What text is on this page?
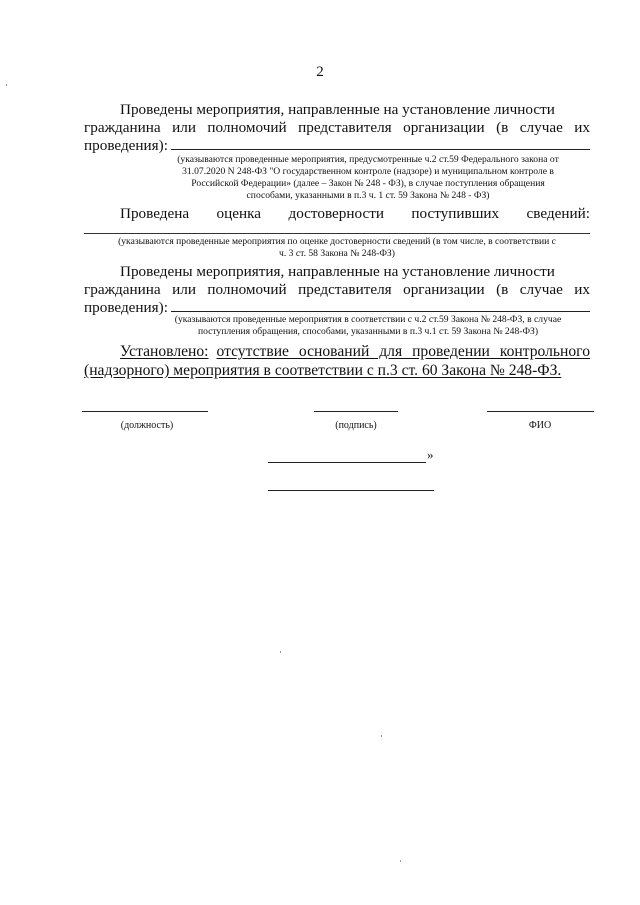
2
Проведены мероприятия, направленные на установление личности
гражданина или полномочий представителя организации (в случае их
проведения):
(указываются проведенные мероприятия, предусмотренные ч.2 ст.59 Федерального закона от
31.07.2020 N 248-ФЗ "О государственном контроле (надзоре) и муниципальном контроле в
Российской Федерации» (далее – Закон № 248 - ФЗ), в случае поступления обращения
способами, указанными в п.3 ч. 1 ст. 59 Закона № 248 - ФЗ)
Проведена оценка достоверности поступивших сведений:
(указываются проведенные мероприятия по оценке достоверности сведений (в том числе, в соответствии с
ч. 3 ст. 58 Закона № 248-ФЗ)
Проведены мероприятия, направленные на установление личности
гражданина или полномочий представителя организации (в случае их
проведения):
(указываются проведенные мероприятия в соответствии с ч.2 ст.59 Закона № 248-ФЗ, в случае
поступления обращения, способами, указанными в п.3 ч.1 ст. 59 Закона № 248-ФЗ)
Установлено: отсутствие оснований для проведении контрольного
(надзорного) мероприятия в соответствии с п.3 ст. 60 Закона № 248-ФЗ.
(должность)	(подпись)	ФИО
»
